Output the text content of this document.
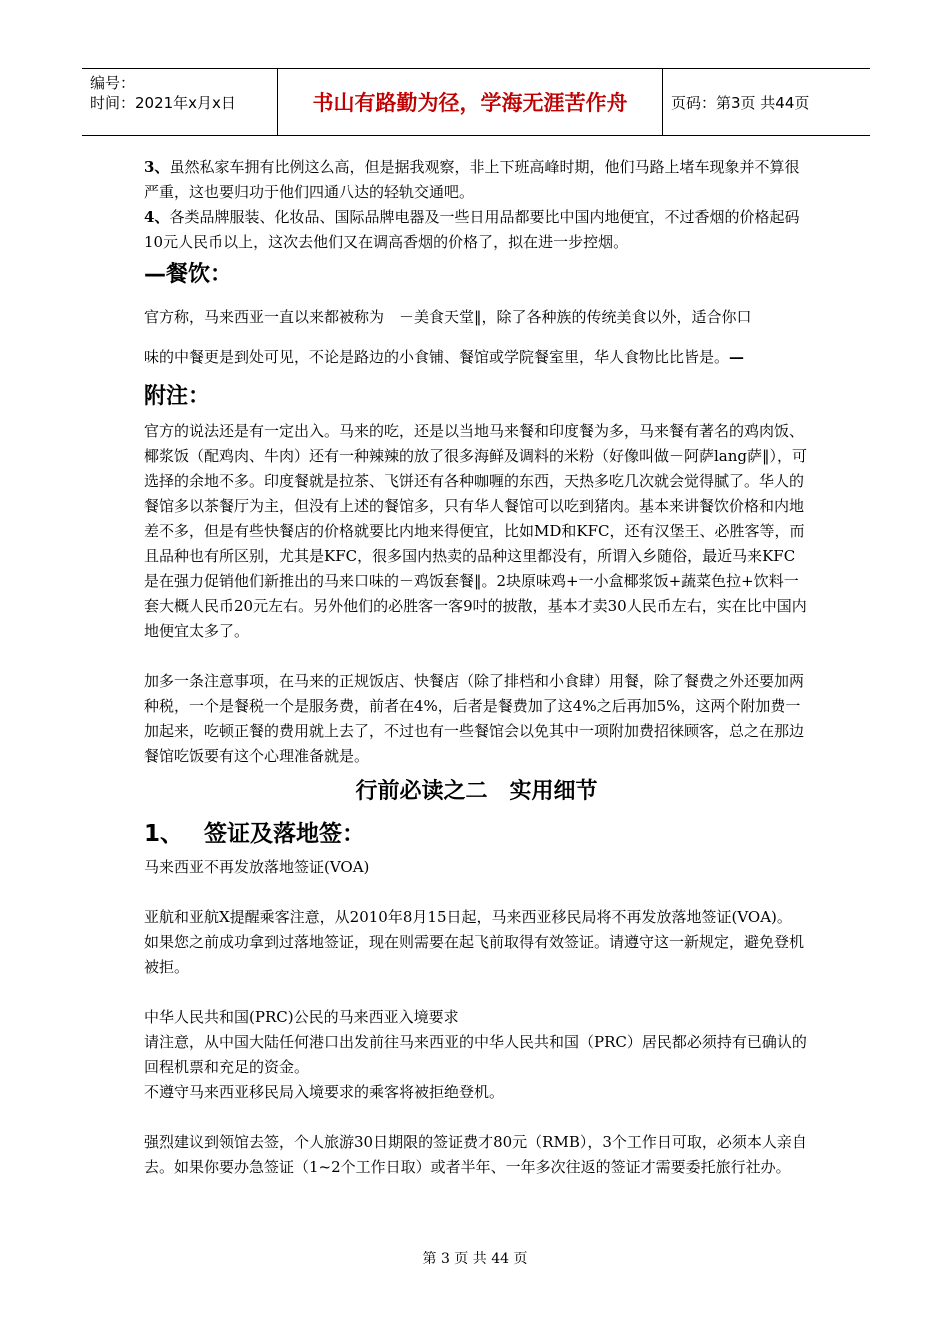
编号：
时间：2021年x月x日	书山有路勤为径，学海无涯苦作舟	页码：第3页 共44页

3、虽然私家车拥有比例这么高，但是据我观察，非上下班高峰时期，他们马路上堵车现象并不算很严重，这也要归功于他们四通八达的轻轨交通吧。

4、各类品牌服装、化妆品、国际品牌电器及一些日用品都要比中国内地便宜，不过香烟的价格起码10元人民币以上，这次去他们又在调高香烟的价格了，拟在进一步控烟。

—餐饮：

官方称，马来西亚一直以来都被称为　－美食天堂‖，除了各种族的传统美食以外，适合你口

味的中餐更是到处可见，不论是路边的小食铺、餐馆或学院餐室里，华人食物比比皆是。—

附注：

官方的说法还是有一定出入。马来的吃，还是以当地马来餐和印度餐为多，马来餐有著名的鸡肉饭、椰浆饭（配鸡肉、牛肉）还有一种辣辣的放了很多海鲜及调料的米粉（好像叫做－阿萨lang萨‖），可选择的余地不多。印度餐就是拉茶、飞饼还有各种咖喱的东西，天热多吃几次就会觉得腻了。华人的餐馆多以茶餐厅为主，但没有上述的餐馆多，只有华人餐馆可以吃到猪肉。基本来讲餐饮价格和内地差不多，但是有些快餐店的价格就要比内地来得便宜，比如MD和KFC，还有汉堡王、必胜客等，而且品种也有所区别，尤其是KFC，很多国内热卖的品种这里都没有，所谓入乡随俗，最近马来KFC是在强力促销他们新推出的马来口味的－鸡饭套餐‖。2块原味鸡+一小盒椰浆饭+蔬菜色拉+饮料一套大概人民币20元左右。另外他们的必胜客一客9吋的披散，基本才卖30人民币左右，实在比中国内地便宜太多了。

加多一条注意事项，在马来的正规饭店、快餐店（除了排档和小食肆）用餐，除了餐费之外还要加两种税，一个是餐税一个是服务费，前者在4%，后者是餐费加了这4%之后再加5%，这两个附加费一加起来，吃顿正餐的费用就上去了，不过也有一些餐馆会以免其中一项附加费招徕顾客，总之在那边餐馆吃饭要有这个心理准备就是。

行前必读之二　实用细节
1、 签证及落地签：

马来西亚不再发放落地签证(VOA)

亚航和亚航X提醒乘客注意，从2010年8月15日起，马来西亚移民局将不再发放落地签证(VOA)。　如果您之前成功拿到过落地签证，现在则需要在起飞前取得有效签证。请遵守这一新规定，避免登机被拒。

中华人民共和国(PRC)公民的马来西亚入境要求

请注意，从中国大陆任何港口出发前往马来西亚的中华人民共和国（PRC）居民都必须持有已确认的回程机票和充足的资金。

不遵守马来西亚移民局入境要求的乘客将被拒绝登机。

强烈建议到领馆去签，个人旅游30日期限的签证费才80元（RMB），3个工作日可取，必须本人亲自去。如果你要办急签证（1~2个工作日取）或者半年、一年多次往返的签证才需要委托旅行社办。

第 3 页 共 44 页
